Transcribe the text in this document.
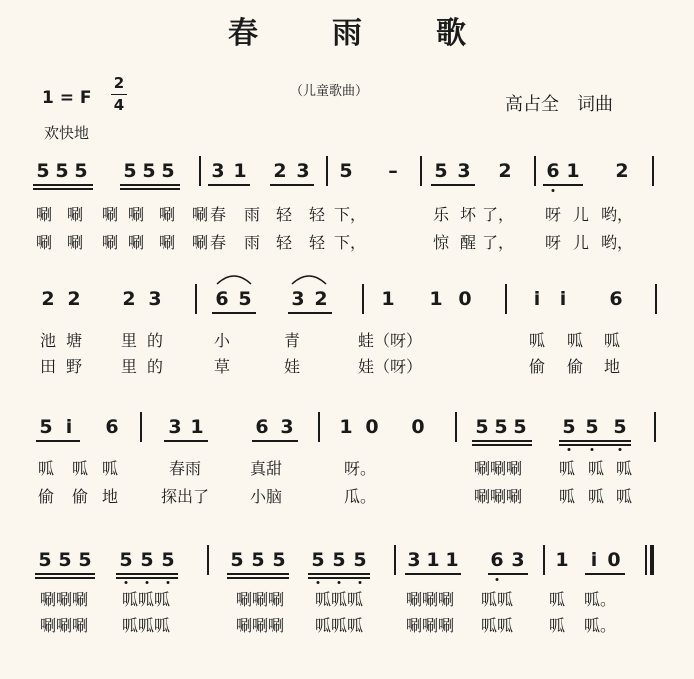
春　雨　歌
1 = F
2
4
（儿童歌曲）
高占全　词曲
欢快地
5 5 5 5 5 5 3 1 2 3 5 – 5 3 2 6 1 2
唰 唰 唰 唰 唰 唰 春 雨 轻 轻 下，	乐 坏 了， 呀 儿 哟，
唰 唰 唰 唰 唰 唰 春 雨 轻 轻 下，	惊 醒 了， 呀 儿 哟，
2 2 2 3	6 5 3 2	1 1 0	i i 6
池 塘 里 的	小	青	蛙（呀）	呱 呱 呱
田 野 里 的	草	娃	娃（呀）	偷 偷 地
5 i 6	3 1	6 3 1 0 0	5 5 5 5 5 5
呱 呱 呱	春雨	真甜	呀。	唰唰唰 呱 呱 呱
偷 偷 地	探出了	小脑	瓜。	唰唰唰 呱 呱 呱
5 5 5 5 5 5	5 5 5 5 5 5 3 1 1 6 3 1 i 0
唰唰唰 呱呱呱	唰唰唰 呱呱呱	唰唰唰 呱呱 呱 呱。
唰唰唰 呱呱呱	唰唰唰 呱呱呱	唰唰唰 呱呱 呱 呱。
